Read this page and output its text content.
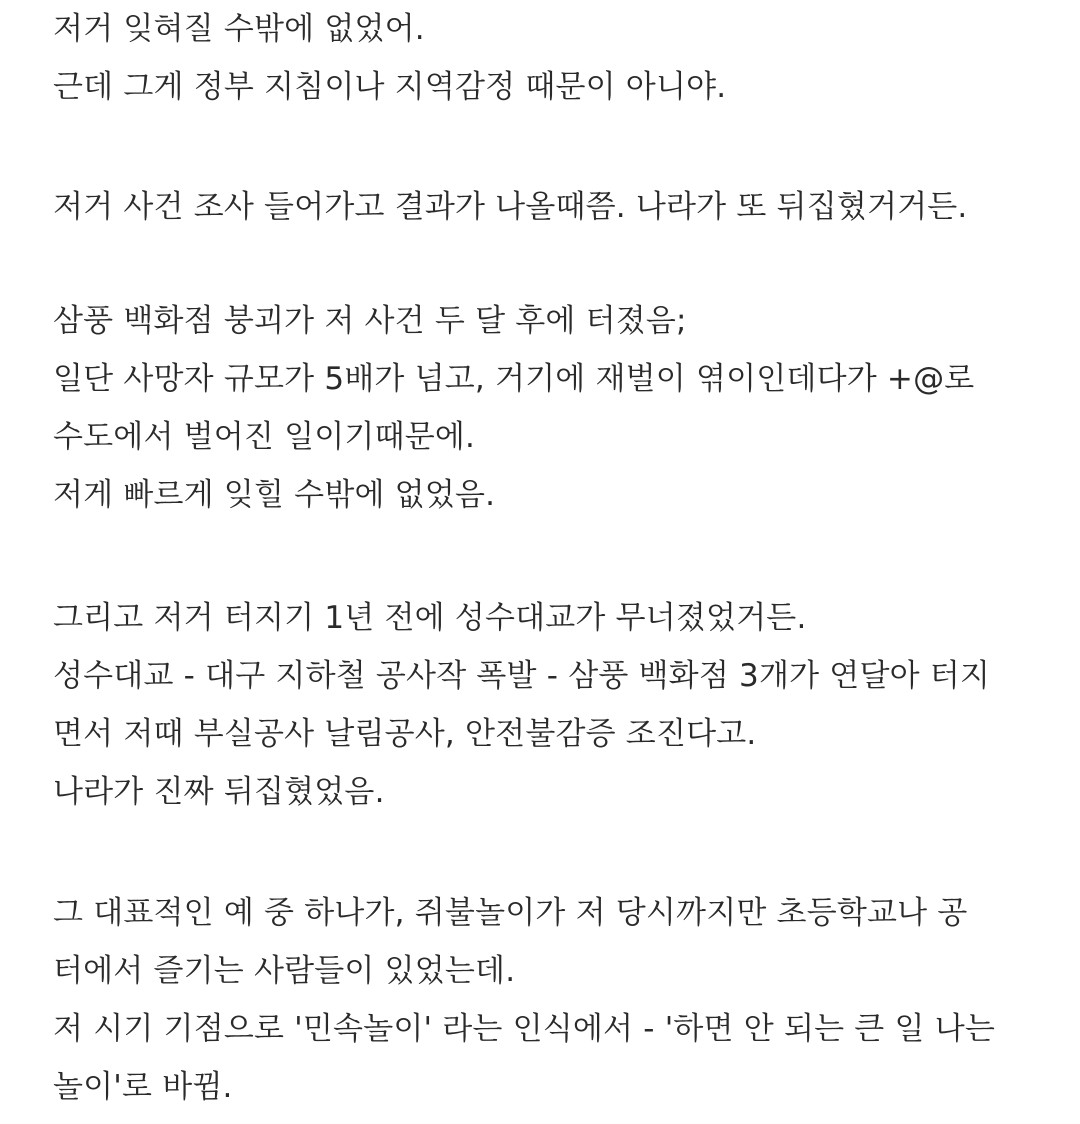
저거 잊혀질 수밖에 없었어.
근데 그게 정부 지침이나 지역감정 때문이 아니야.
저거 사건 조사 들어가고 결과가 나올때쯤. 나라가 또 뒤집혔거거든.
삼풍 백화점 붕괴가 저 사건 두 달 후에 터졌음;
일단 사망자 규모가 5배가 넘고, 거기에 재벌이 엮이인데다가 +@로
수도에서 벌어진 일이기때문에.
저게 빠르게 잊힐 수밖에 없었음.
그리고 저거 터지기 1년 전에 성수대교가 무너졌었거든.
성수대교 - 대구 지하철 공사작 폭발 - 삼풍 백화점 3개가 연달아 터지
면서 저때 부실공사 날림공사, 안전불감증 조진다고.
나라가 진짜 뒤집혔었음.
그 대표적인 예 중 하나가, 쥐불놀이가 저 당시까지만 초등학교나 공
터에서 즐기는 사람들이 있었는데.
저 시기 기점으로 '민속놀이' 라는 인식에서 - '하면 안 되는 큰 일 나는
놀이'로 바뀜.
